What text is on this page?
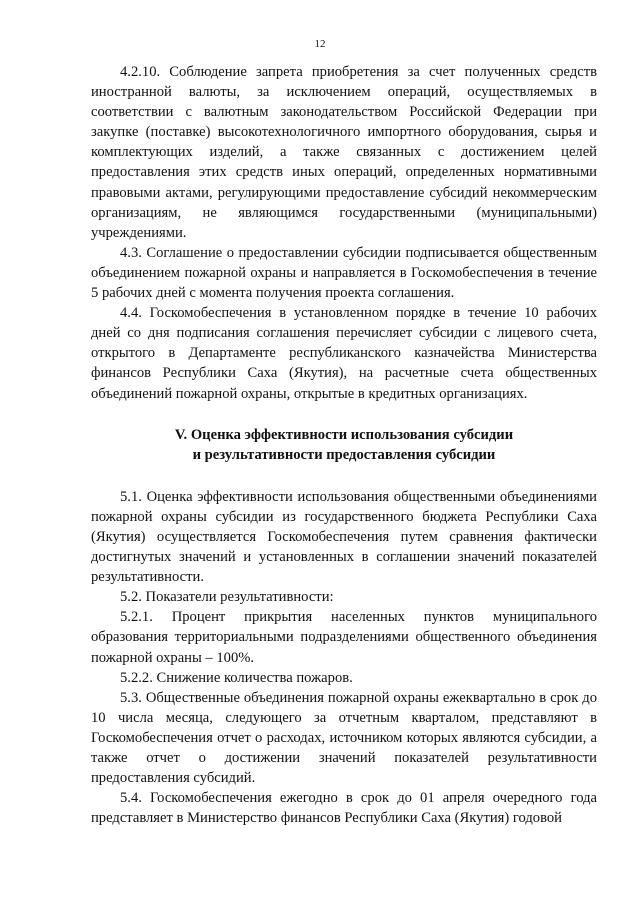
12

4.2.10. Соблюдение запрета приобретения за счет полученных средств иностранной валюты, за исключением операций, осуществляемых в соответствии с валютным законодательством Российской Федерации при закупке (поставке) высокотехнологичного импортного оборудования, сырья и комплектующих изделий, а также связанных с достижением целей предоставления этих средств иных операций, определенных нормативными правовыми актами, регулирующими предоставление субсидий некоммерческим организациям, не являющимся государственными (муниципальными) учреждениями.

4.3. Соглашение о предоставлении субсидии подписывается общественным объединением пожарной охраны и направляется в Госкомобеспечения в течение 5 рабочих дней с момента получения проекта соглашения.

4.4. Госкомобеспечения в установленном порядке в течение 10 рабочих дней со дня подписания соглашения перечисляет субсидии с лицевого счета, открытого в Департаменте республиканского казначейства Министерства финансов Республики Саха (Якутия), на расчетные счета общественных объединений пожарной охраны, открытые в кредитных организациях.

V. Оценка эффективности использования субсидии
и результативности предоставления субсидии

5.1. Оценка эффективности использования общественными объединениями пожарной охраны субсидии из государственного бюджета Республики Саха (Якутия) осуществляется Госкомобеспечения путем сравнения фактически достигнутых значений и установленных в соглашении значений показателей результативности.

5.2. Показатели результативности:

5.2.1. Процент прикрытия населенных пунктов муниципального образования территориальными подразделениями общественного объединения пожарной охраны – 100%.

5.2.2. Снижение количества пожаров.

5.3. Общественные объединения пожарной охраны ежеквартально в срок до 10 числа месяца, следующего за отчетным кварталом, представляют в Госкомобеспечения отчет о расходах, источником которых являются субсидии, а также отчет о достижении значений показателей результативности предоставления субсидий.

5.4. Госкомобеспечения ежегодно в срок до 01 апреля очередного года представляет в Министерство финансов Республики Саха (Якутия) годовой
